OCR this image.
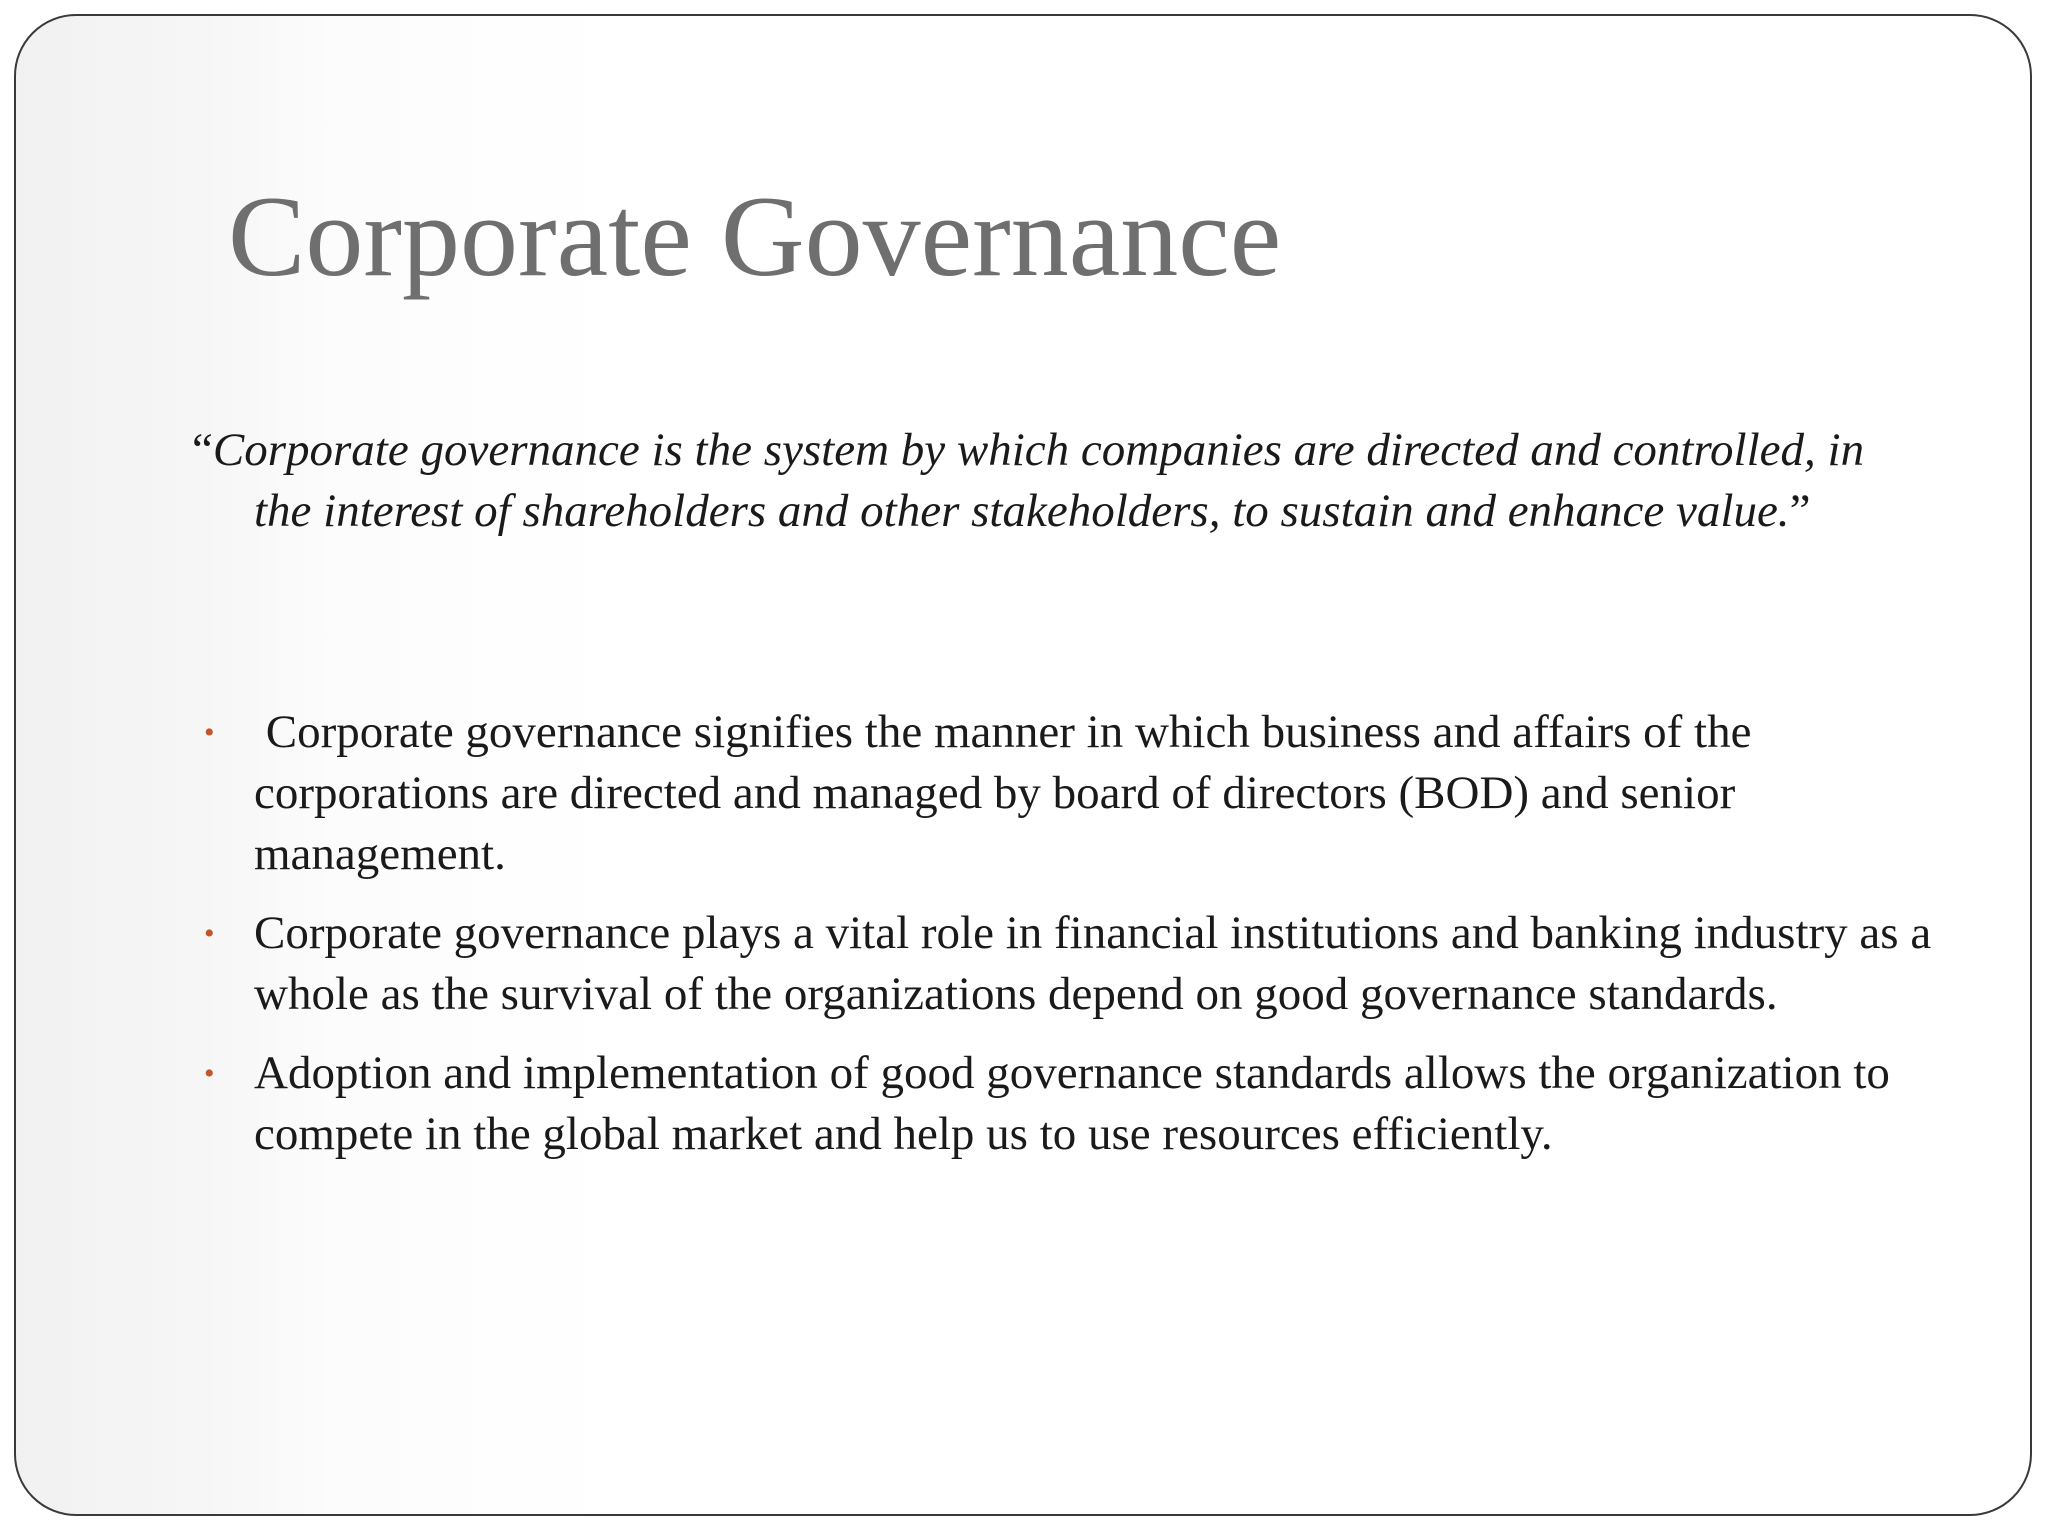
Corporate Governance

“Corporate governance is the system by which companies are directed and controlled, in the interest of shareholders and other stakeholders, to sustain and enhance value.”

• Corporate governance signifies the manner in which business and affairs of the corporations are directed and managed by board of directors (BOD) and senior management.
• Corporate governance plays a vital role in financial institutions and banking industry as a whole as the survival of the organizations depend on good governance standards.
• Adoption and implementation of good governance standards allows the organization to compete in the global market and help us to use resources efficiently.
